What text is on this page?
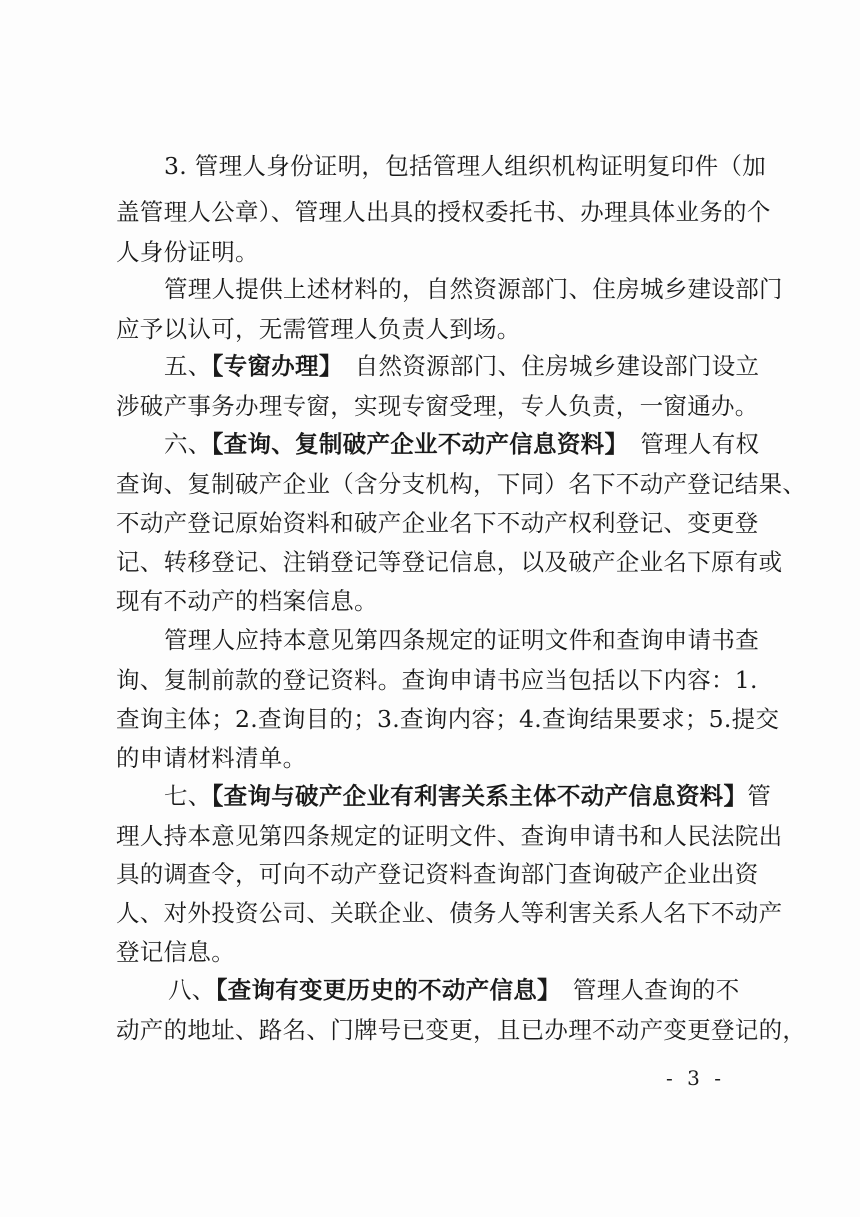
3. 管理人身份证明，包括管理人组织机构证明复印件（加
盖管理人公章）、管理人出具的授权委托书、办理具体业务的个
人身份证明。
管理人提供上述材料的，自然资源部门、住房城乡建设部门
应予以认可，无需管理人负责人到场。
五、【专窗办理】　自然资源部门、住房城乡建设部门设立
涉破产事务办理专窗，实现专窗受理，专人负责，一窗通办。
六、【查询、复制破产企业不动产信息资料】　管理人有权
查询、复制破产企业（含分支机构，下同）名下不动产登记结果、
不动产登记原始资料和破产企业名下不动产权利登记、变更登
记、转移登记、注销登记等登记信息，以及破产企业名下原有或
现有不动产的档案信息。
管理人应持本意见第四条规定的证明文件和查询申请书查
询、复制前款的登记资料。查询申请书应当包括以下内容：1.
查询主体；2.查询目的；3.查询内容；4.查询结果要求；5.提交
的申请材料清单。
七、【查询与破产企业有利害关系主体不动产信息资料】管
理人持本意见第四条规定的证明文件、查询申请书和人民法院出
具的调查令，可向不动产登记资料查询部门查询破产企业出资
人、对外投资公司、关联企业、债务人等利害关系人名下不动产
登记信息。
八、【查询有变更历史的不动产信息】　管理人查询的不
动产的地址、路名、门牌号已变更，且已办理不动产变更登记的，
- 3 -
